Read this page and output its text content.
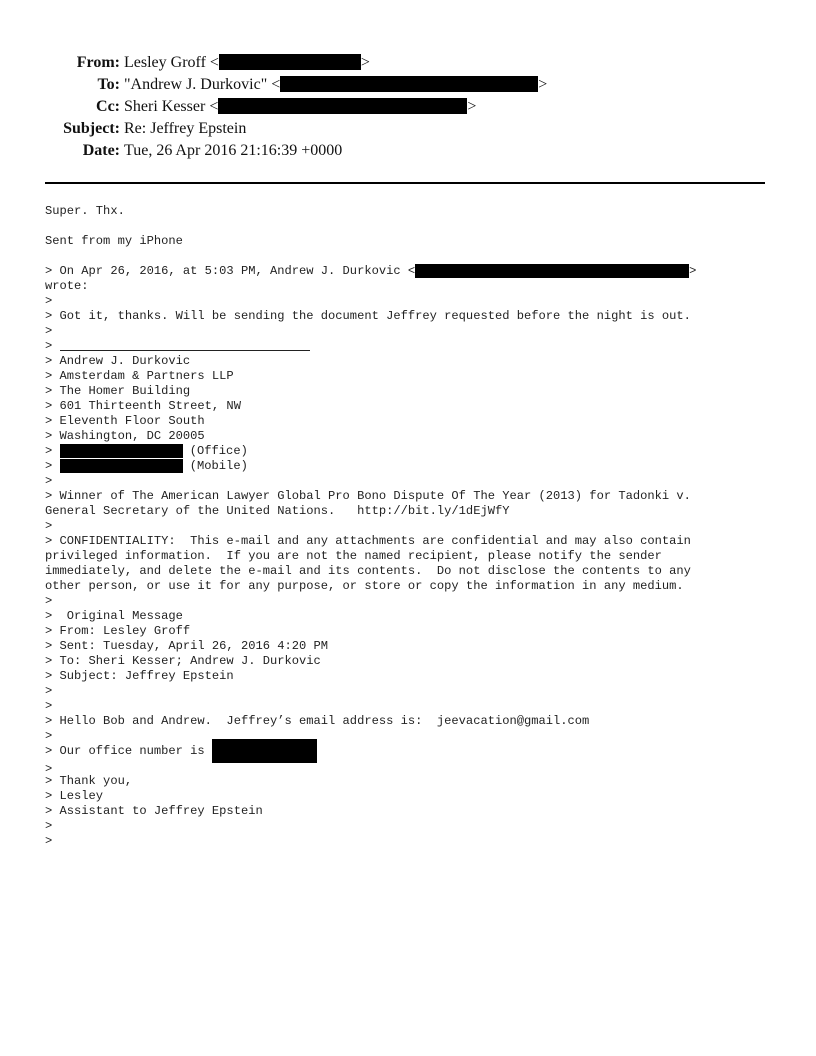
From: Lesley Groff <	>
To: "Andrew J. Durkovic" <	>
Cc: Sheri Kesser <	>
Subject: Re: Jeffrey Epstein
Date: Tue, 26 Apr 2016 21:16:39 +0000
Super. Thx.
Sent from my iPhone
> On Apr 26, 2016, at 5:03 PM, Andrew J. Durkovic <	>
wrote:
>
> Got it, thanks. Will be sending the document Jeffrey requested before the night is out.
>
>
> Andrew J. Durkovic
> Amsterdam & Partners LLP
> The Homer Building
> 601 Thirteenth Street, NW
> Eleventh Floor South
> Washington, DC 20005
>	(Office)
>	(Mobile)
>
> Winner of The American Lawyer Global Pro Bono Dispute Of The Year (2013) for Tadonki v.
General Secretary of the United Nations.   http://bit.ly/1dEjWfY
>
> CONFIDENTIALITY:  This e-mail and any attachments are confidential and may also contain
privileged information.  If you are not the named recipient, please notify the sender
immediately, and delete the e-mail and its contents.  Do not disclose the contents to any
other person, or use it for any purpose, or store or copy the information in any medium.
>
>  Original Message
> From: Lesley Groff
> Sent: Tuesday, April 26, 2016 4:20 PM
> To: Sheri Kesser; Andrew J. Durkovic
> Subject: Jeffrey Epstein
>
>
> Hello Bob and Andrew.  Jeffrey’s email address is:  jeevacation@gmail.com
>
> Our office number is
>
> Thank you,
> Lesley
> Assistant to Jeffrey Epstein
>
>
